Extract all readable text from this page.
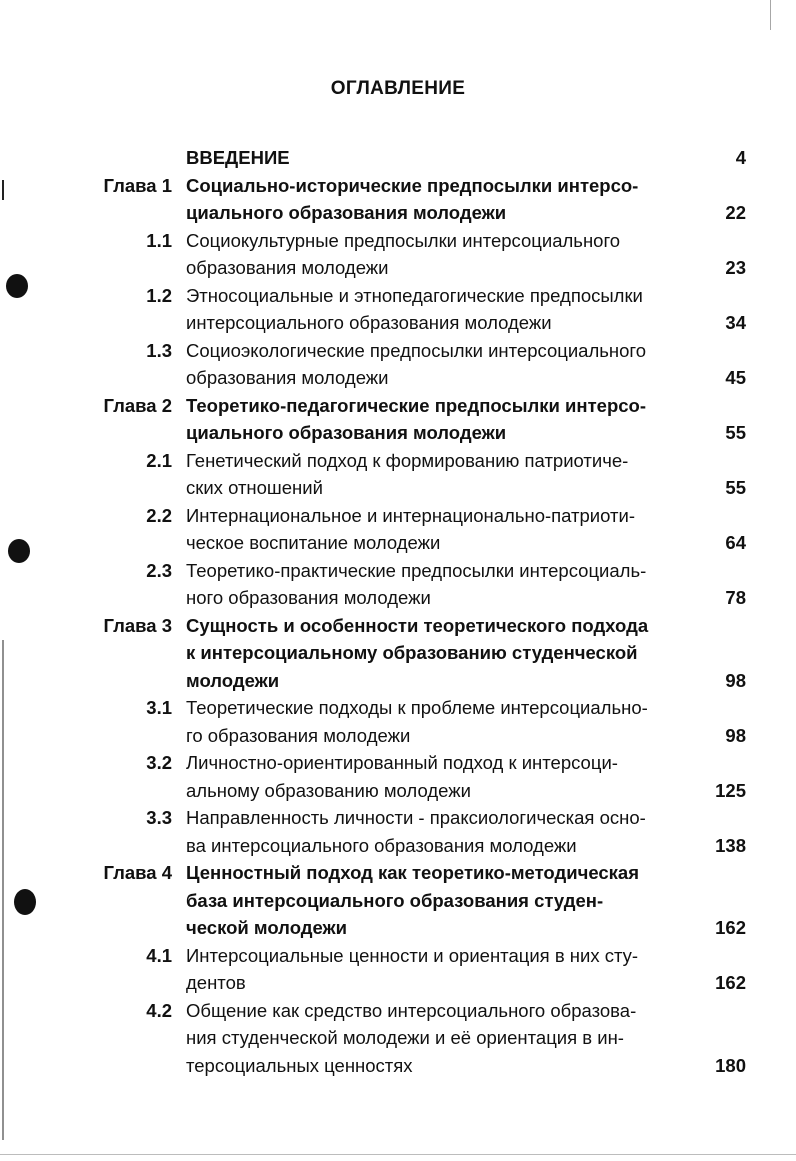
ОГЛАВЛЕНИЕ
ВВЕДЕНИЕ	4
Глава 1 Социально-исторические предпосылки интерсо-
циального образования молодежи	22
1.1 Социокультурные предпосылки интерсоциального
образования молодежи	23
1.2 Этносоциальные и этнопедагогические предпосылки
интерсоциального образования молодежи	34
1.3 Социоэкологические предпосылки интерсоциального
образования молодежи	45
Глава 2 Теоретико-педагогические предпосылки интерсо-
циального образования молодежи	55
2.1 Генетический подход к формированию патриотиче-
ских отношений	55
2.2 Интернациональное и интернационально-патриоти-
ческое воспитание молодежи	64
2.3 Теоретико-практические предпосылки интерсоциаль-
ного образования молодежи	78
Глава 3 Сущность и особенности теоретического подхода
к интерсоциальному образованию студенческой
молодежи	98
3.1 Теоретические подходы к проблеме интерсоциально-
го образования молодежи	98
3.2 Личностно-ориентированный подход к интерсоци-
альному образованию молодежи	125
3.3 Направленность личности - праксиологическая осно-
ва интерсоциального образования молодежи	138
Глава 4 Ценностный подход как теоретико-методическая
база интерсоциального образования студен-
ческой молодежи	162
4.1 Интерсоциальные ценности и ориентация в них сту-
дентов	162
4.2 Общение как средство интерсоциального образова-
ния студенческой молодежи и её ориентация в ин-
терсоциальных ценностях	180
